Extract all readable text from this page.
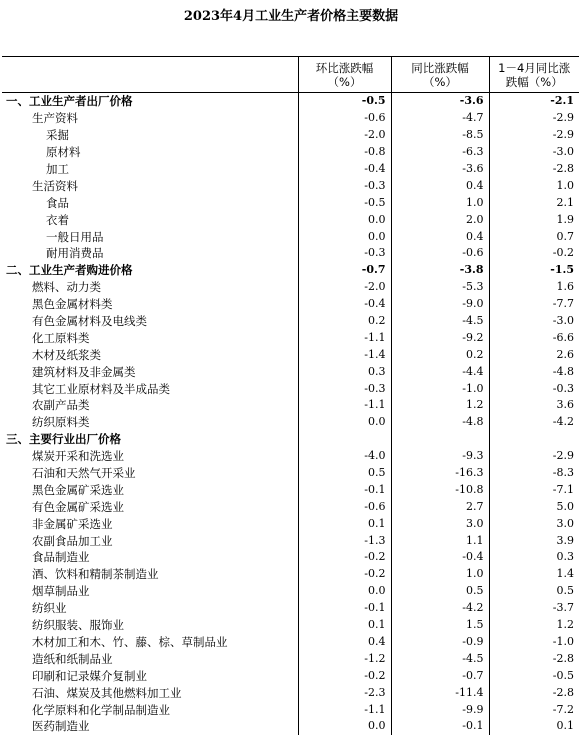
2023年4月工业生产者价格主要数据
	环比涨跌幅（%）	同比涨跌幅（%）	1－4月同比涨跌幅（%）
一、工业生产者出厂价格	-0.5	-3.6	-2.1
生产资料	-0.6	-4.7	-2.9
采掘	-2.0	-8.5	-2.9
原材料	-0.8	-6.3	-3.0
加工	-0.4	-3.6	-2.8
生活资料	-0.3	0.4	1.0
食品	-0.5	1.0	2.1
衣着	0.0	2.0	1.9
一般日用品	0.0	0.4	0.7
耐用消费品	-0.3	-0.6	-0.2
二、工业生产者购进价格	-0.7	-3.8	-1.5
燃料、动力类	-2.0	-5.3	1.6
黑色金属材料类	-0.4	-9.0	-7.7
有色金属材料及电线类	0.2	-4.5	-3.0
化工原料类	-1.1	-9.2	-6.6
木材及纸浆类	-1.4	0.2	2.6
建筑材料及非金属类	0.3	-4.4	-4.8
其它工业原材料及半成品类	-0.3	-1.0	-0.3
农副产品类	-1.1	1.2	3.6
纺织原料类	0.0	-4.8	-4.2
三、主要行业出厂价格			
煤炭开采和洗选业	-4.0	-9.3	-2.9
石油和天然气开采业	0.5	-16.3	-8.3
黑色金属矿采选业	-0.1	-10.8	-7.1
有色金属矿采选业	-0.6	2.7	5.0
非金属矿采选业	0.1	3.0	3.0
农副食品加工业	-1.3	1.1	3.9
食品制造业	-0.2	-0.4	0.3
酒、饮料和精制茶制造业	-0.2	1.0	1.4
烟草制品业	0.0	0.5	0.5
纺织业	-0.1	-4.2	-3.7
纺织服装、服饰业	0.1	1.5	1.2
木材加工和木、竹、藤、棕、草制品业	0.4	-0.9	-1.0
造纸和纸制品业	-1.2	-4.5	-2.8
印刷和记录媒介复制业	-0.2	-0.7	-0.5
石油、煤炭及其他燃料加工业	-2.3	-11.4	-2.8
化学原料和化学制品制造业	-1.1	-9.9	-7.2
医药制造业	0.0	-0.1	0.1
